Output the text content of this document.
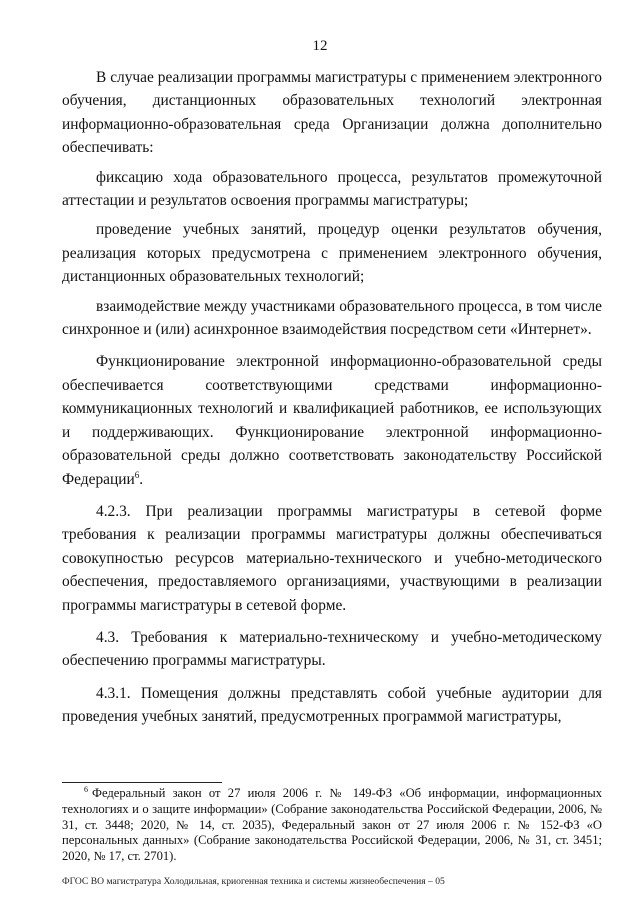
12

В случае реализации программы магистратуры с применением электронного обучения, дистанционных образовательных технологий электронная информационно-образовательная среда Организации должна дополнительно обеспечивать:

фиксацию хода образовательного процесса, результатов промежуточной аттестации и результатов освоения программы магистратуры;

проведение учебных занятий, процедур оценки результатов обучения, реализация которых предусмотрена с применением электронного обучения, дистанционных образовательных технологий;

взаимодействие между участниками образовательного процесса, в том числе синхронное и (или) асинхронное взаимодействия посредством сети «Интернет».

Функционирование электронной информационно-образовательной среды обеспечивается соответствующими средствами информационно-коммуникационных технологий и квалификацией работников, ее использующих и поддерживающих. Функционирование электронной информационно-образовательной среды должно соответствовать законодательству Российской Федерации$^6$.

4.2.3. При реализации программы магистратуры в сетевой форме требования к реализации программы магистратуры должны обеспечиваться совокупностью ресурсов материально-технического и учебно-методического обеспечения, предоставляемого организациями, участвующими в реализации программы магистратуры в сетевой форме.

4.3. Требования к материально-техническому и учебно-методическому обеспечению программы магистратуры.

4.3.1. Помещения должны представлять собой учебные аудитории для проведения учебных занятий, предусмотренных программой магистратуры,

$^6$ Федеральный закон от 27 июля 2006 г. № 149-ФЗ «Об информации, информационных технологиях и о защите информации» (Собрание законодательства Российской Федерации, 2006, № 31, ст. 3448; 2020, № 14, ст. 2035), Федеральный закон от 27 июля 2006 г. № 152-ФЗ «О персональных данных» (Собрание законодательства Российской Федерации, 2006, № 31, ст. 3451; 2020, № 17, ст. 2701).
ФГОС ВО магистратура Холодильная, криогенная техника и системы жизнеобеспечения – 05
